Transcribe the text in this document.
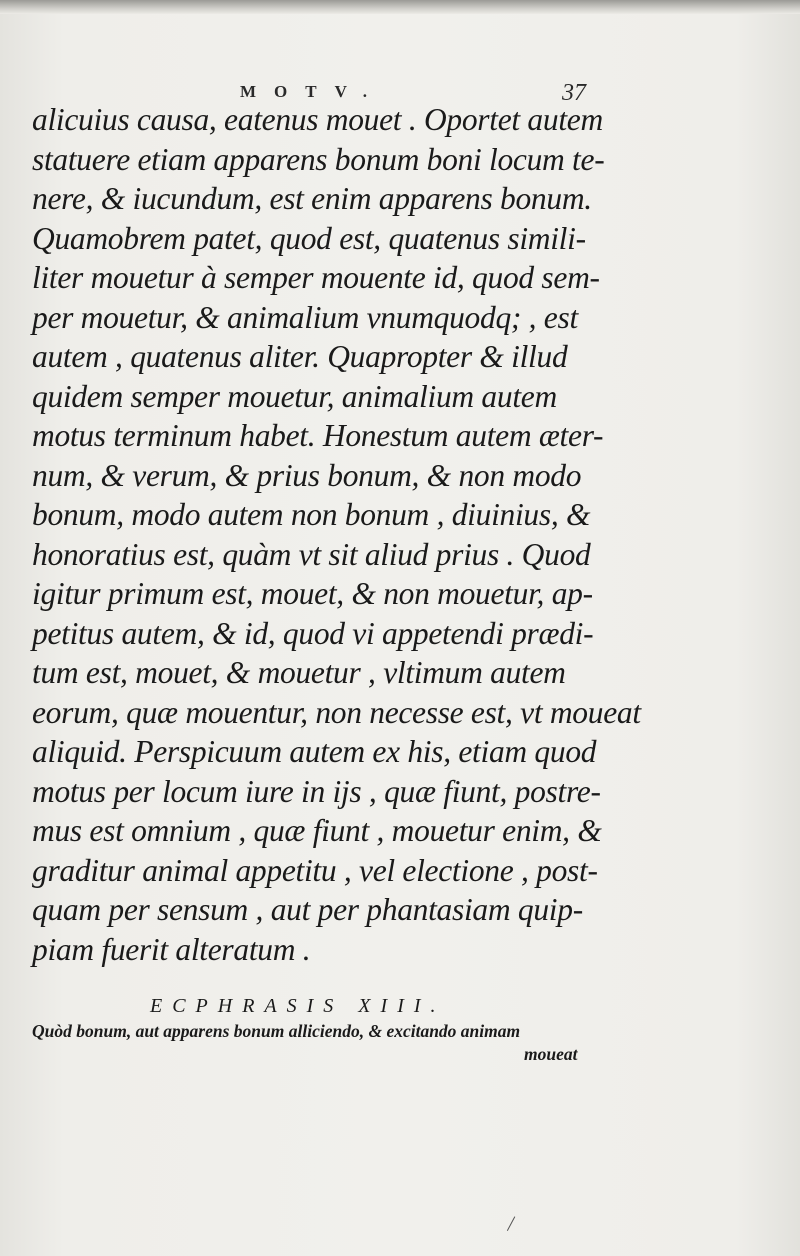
MOTV.	37
alicuius causa, eatenus mouet . Oportet autem
statuere etiam apparens bonum boni locum te-
nere, & iucundum, est enim apparens bonum.
Quamobrem patet, quod est, quatenus simili-
liter mouetur à semper mouente id, quod sem-
per mouetur, & animalium vnumquodq; , est
autem , quatenus aliter. Quapropter & illud
quidem semper mouetur, animalium autem
motus terminum habet. Honestum autem æter-
num, & verum, & prius bonum, & non modo
bonum, modo autem non bonum , diuinius, &
honoratius est, quàm vt sit aliud prius . Quod
igitur primum est, mouet, & non mouetur, ap-
petitus autem, & id, quod vi appetendi prædi-
tum est, mouet, & mouetur , vltimum autem
eorum, quæ mouentur, non necesse est, vt moueat
aliquid. Perspicuum autem ex his, etiam quod
motus per locum iure in ijs , quæ fiunt, postre-
mus est omnium , quæ fiunt , mouetur enim, &
graditur animal appetitu , vel electione , post-
quam per sensum , aut per phantasiam quip-
piam fuerit alteratum .
ECPHRASIS XIII.
Quòd bonum, aut apparens bonum alliciendo, & excitando animam
moueat
